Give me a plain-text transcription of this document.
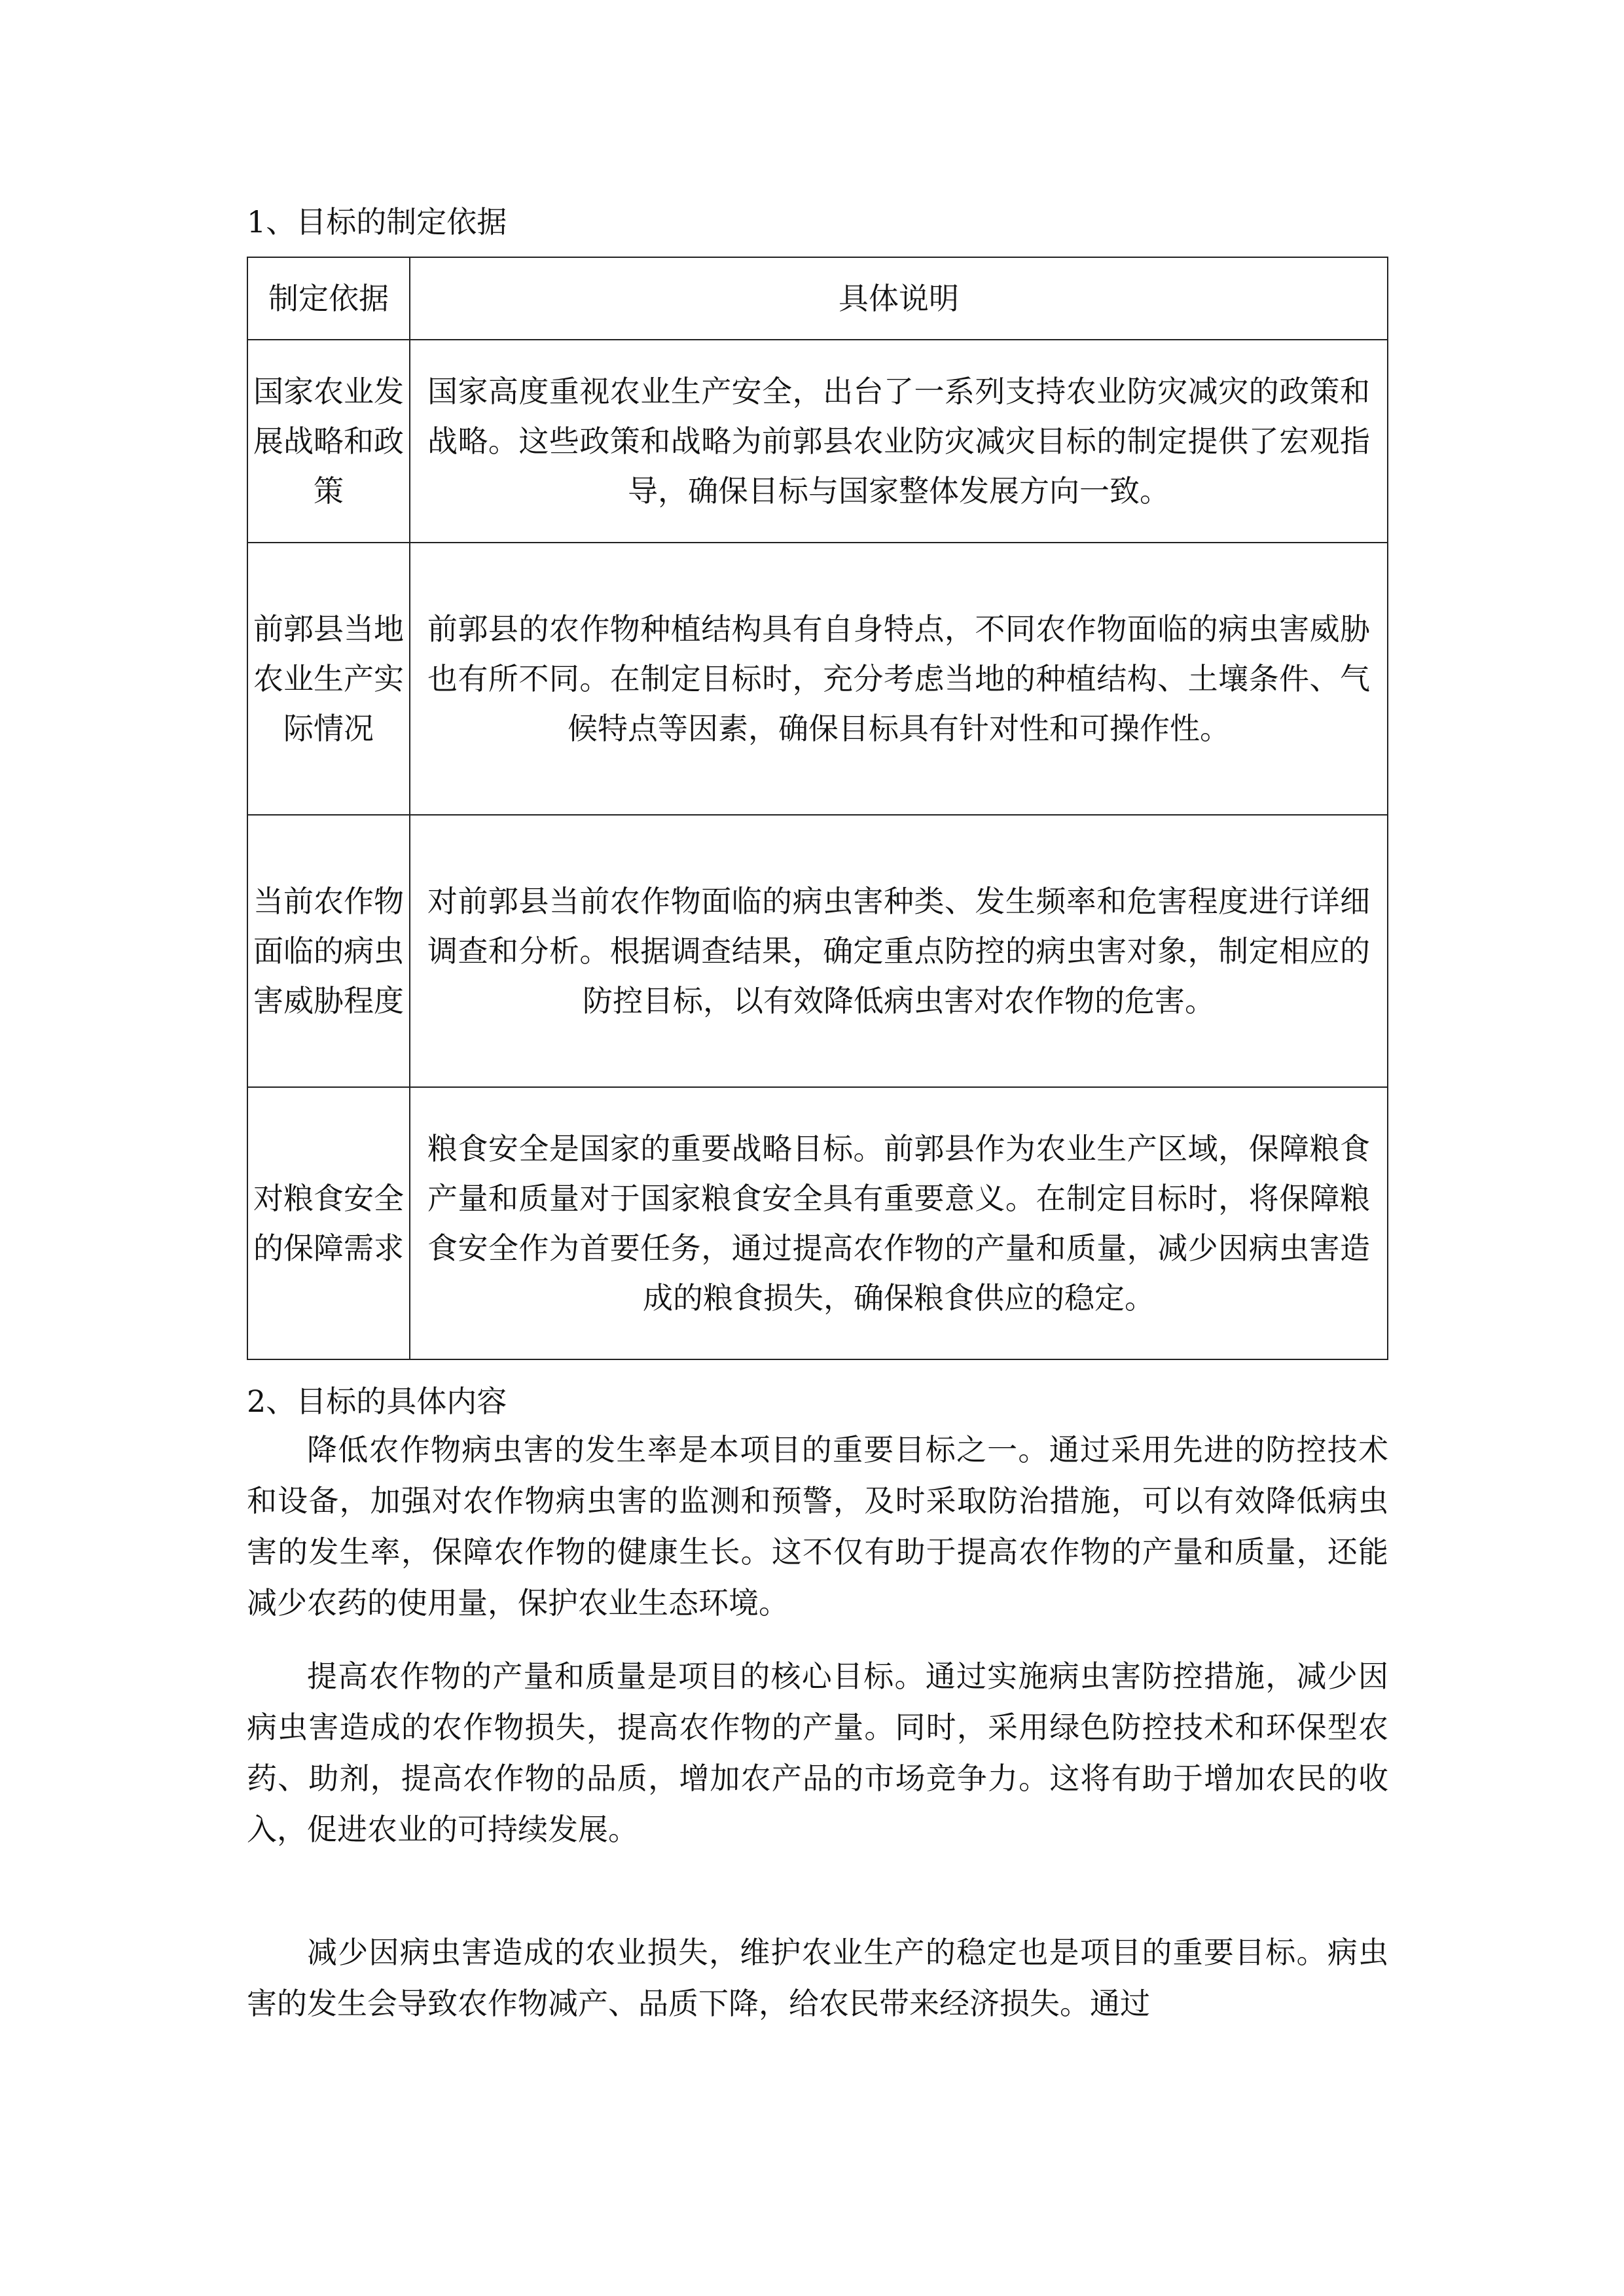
1、目标的制定依据
制定依据	具体说明
国家农业发展战略和政策	国家高度重视农业生产安全，出台了一系列支持农业防灾减灾的政策和战略。这些政策和战略为前郭县农业防灾减灾目标的制定提供了宏观指导，确保目标与国家整体发展方向一致。
前郭县当地农业生产实际情况	前郭县的农作物种植结构具有自身特点，不同农作物面临的病虫害威胁也有所不同。在制定目标时，充分考虑当地的种植结构、土壤条件、气候特点等因素，确保目标具有针对性和可操作性。
当前农作物面临的病虫害威胁程度	对前郭县当前农作物面临的病虫害种类、发生频率和危害程度进行详细调查和分析。根据调查结果，确定重点防控的病虫害对象，制定相应的防控目标，以有效降低病虫害对农作物的危害。
对粮食安全的保障需求	粮食安全是国家的重要战略目标。前郭县作为农业生产区域，保障粮食产量和质量对于国家粮食安全具有重要意义。在制定目标时，将保障粮食安全作为首要任务，通过提高农作物的产量和质量，减少因病虫害造成的粮食损失，确保粮食供应的稳定。
2、目标的具体内容

降低农作物病虫害的发生率是本项目的重要目标之一。通过采用先进的防控技术和设备，加强对农作物病虫害的监测和预警，及时采取防治措施，可以有效降低病虫害的发生率，保障农作物的健康生长。这不仅有助于提高农作物的产量和质量，还能减少农药的使用量，保护农业生态环境。

提高农作物的产量和质量是项目的核心目标。通过实施病虫害防控措施，减少因病虫害造成的农作物损失，提高农作物的产量。同时，采用绿色防控技术和环保型农药、助剂，提高农作物的品质，增加农产品的市场竞争力。这将有助于增加农民的收入，促进农业的可持续发展。

减少因病虫害造成的农业损失，维护农业生产的稳定也是项目的重要目标。病虫害的发生会导致农作物减产、品质下降，给农民带来经济损失。通过
